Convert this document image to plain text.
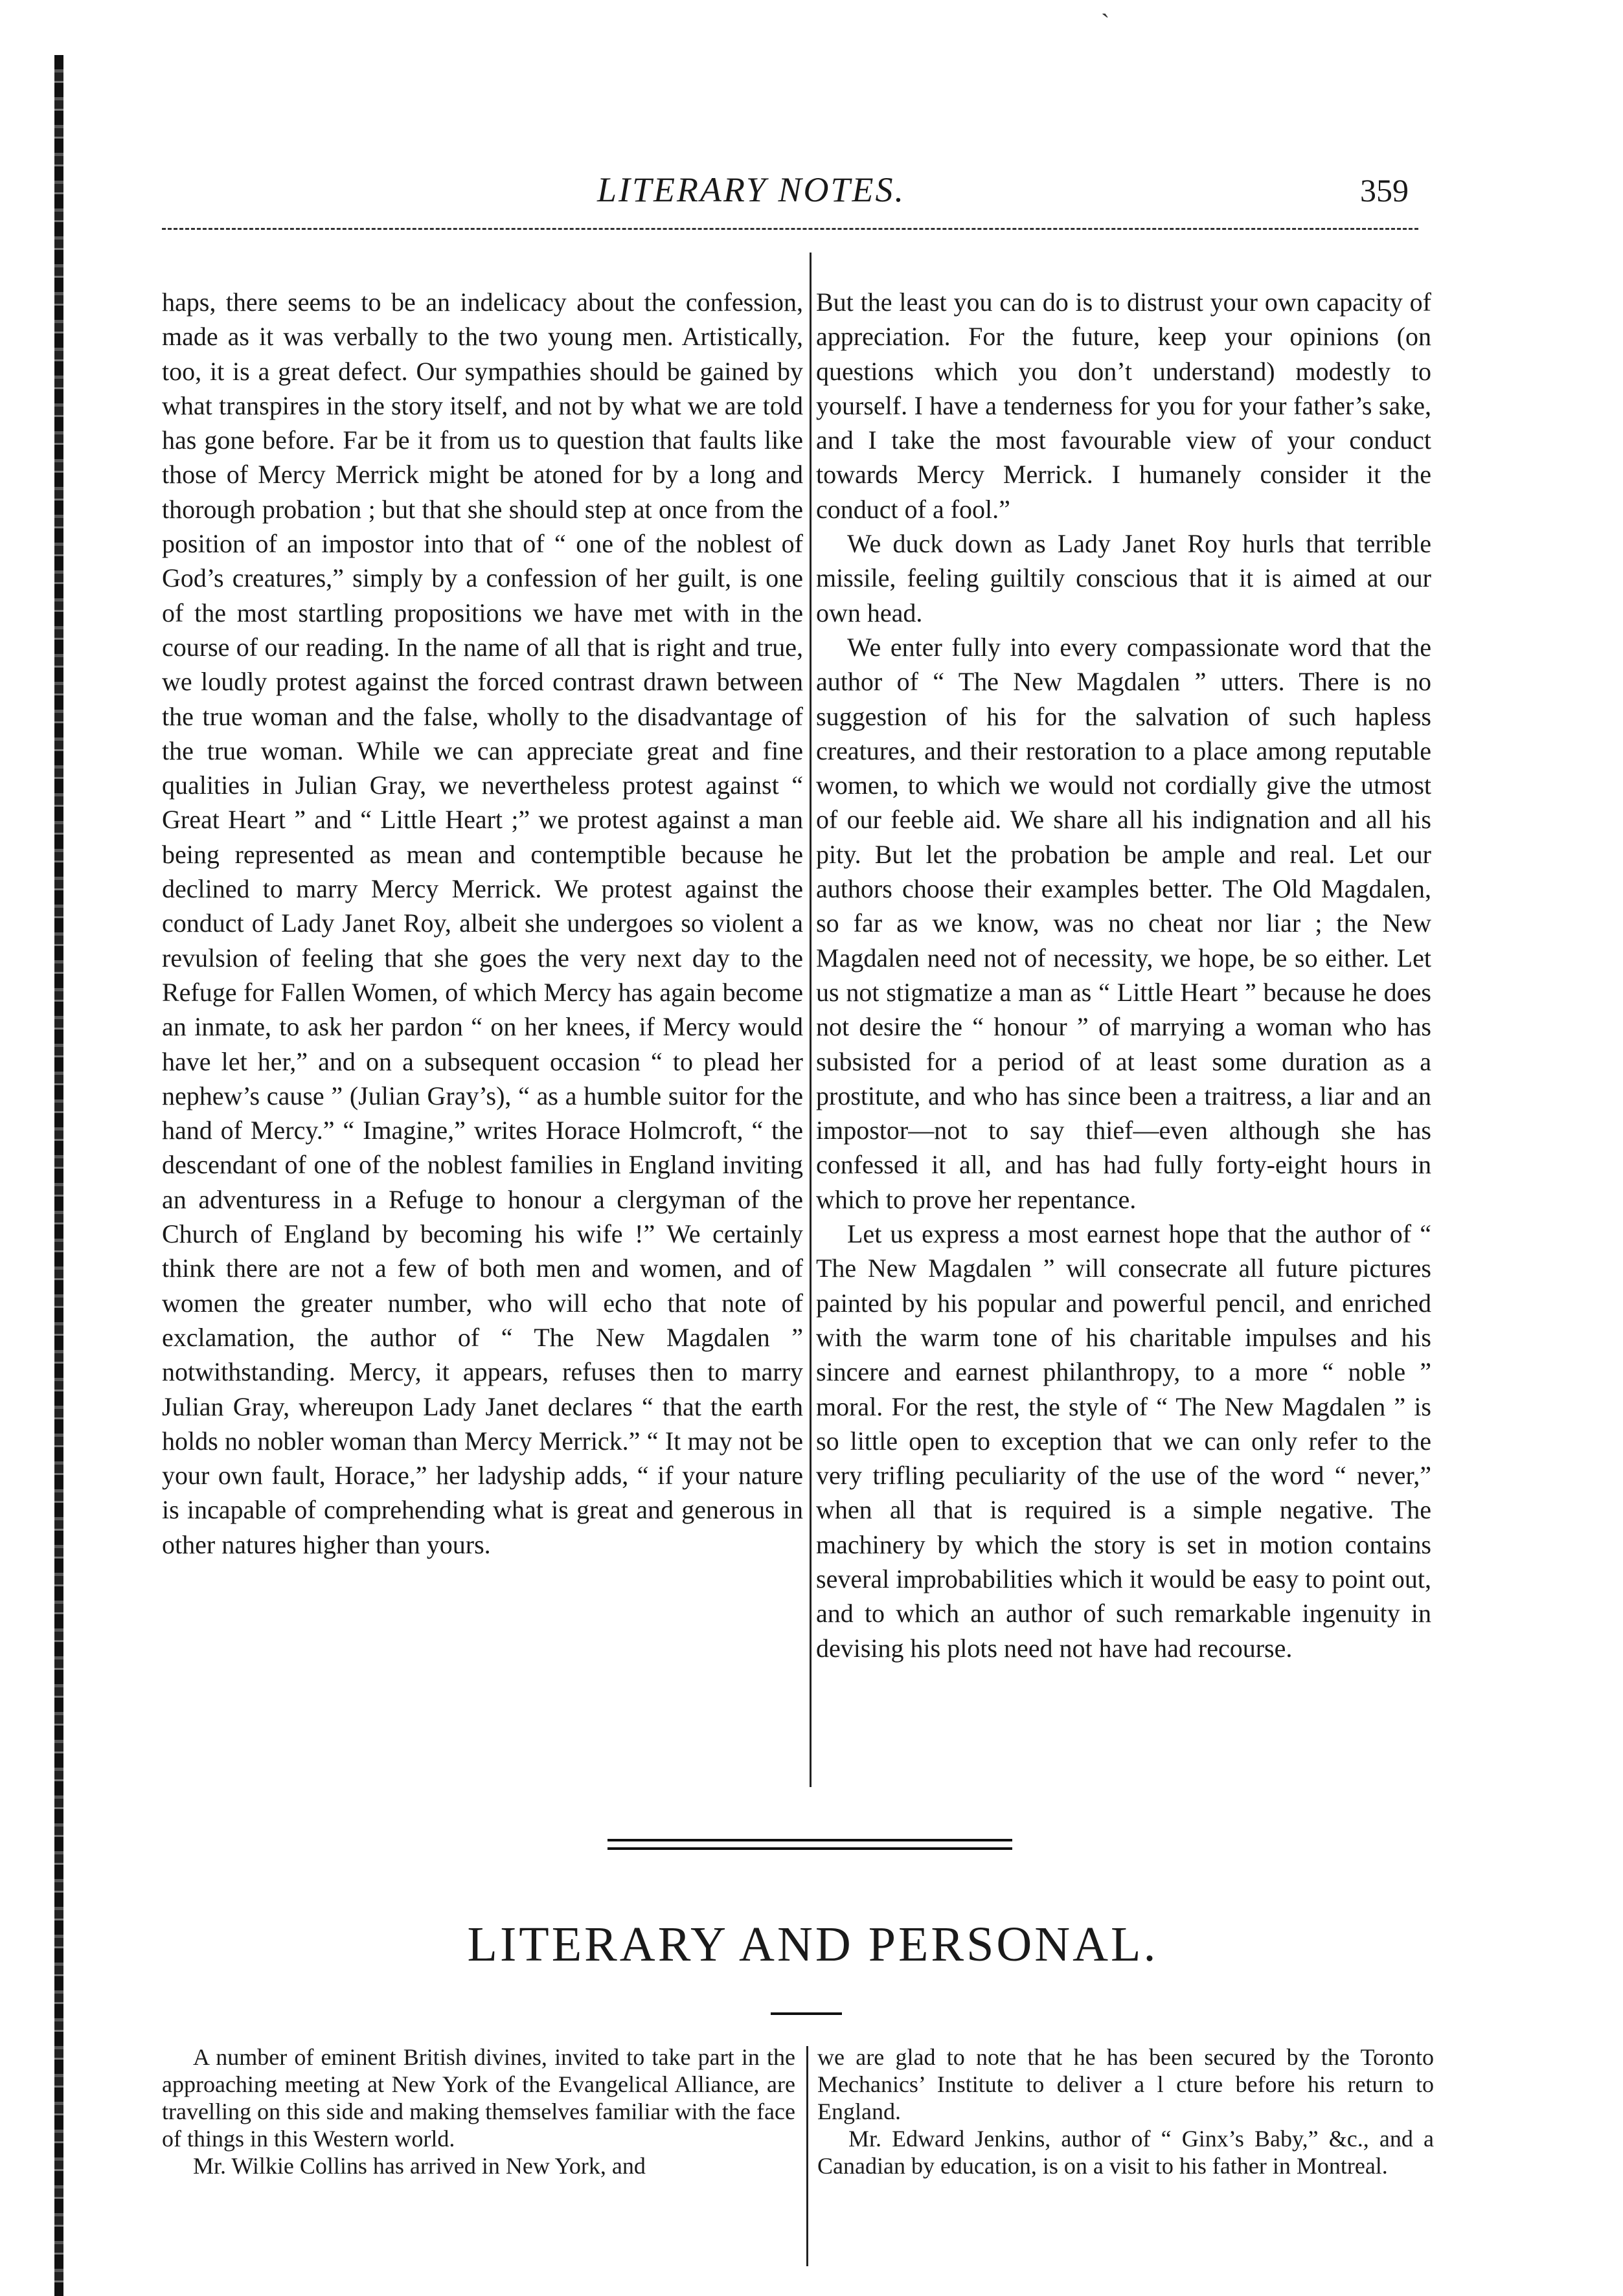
`
LITERARY NOTES.	359

haps, there seems to be an indelicacy about the confession, made as it was verbally to the two young men. Artistically, too, it is a great defect. Our sympathies should be gained by what transpires in the story itself, and not by what we are told has gone before. Far be it from us to question that faults like those of Mercy Merrick might be atoned for by a long and thorough probation ; but that she should step at once from the position of an impostor into that of “ one of the noblest of God’s creatures,” simply by a confession of her guilt, is one of the most startling propositions we have met with in the course of our reading. In the name of all that is right and true, we loudly protest against the forced contrast drawn between the true woman and the false, wholly to the disadvantage of the true woman. While we can appreciate great and fine qualities in Julian Gray, we nevertheless protest against “ Great Heart ” and “ Little Heart ;” we protest against a man being represented as mean and contemptible because he declined to marry Mercy Merrick. We protest against the conduct of Lady Janet Roy, albeit she undergoes so violent a revulsion of feeling that she goes the very next day to the Refuge for Fallen Women, of which Mercy has again become an inmate, to ask her pardon “ on her knees, if Mercy would have let her,” and on a subsequent occasion “ to plead her nephew’s cause ” (Julian Gray’s), “ as a humble suitor for the hand of Mercy.” “ Imagine,” writes Horace Holmcroft, “ the descendant of one of the noblest families in England inviting an adventuress in a Refuge to honour a clergyman of the Church of England by becoming his wife !” We certainly think there are not a few of both men and women, and of women the greater number, who will echo that note of exclamation, the author of “ The New Magdalen ” notwithstanding. Mercy, it appears, refuses then to marry Julian Gray, whereupon Lady Janet declares “ that the earth holds no nobler woman than Mercy Merrick.” “ It may not be your own fault, Horace,” her ladyship adds, “ if your nature is incapable of comprehending what is great and generous in other natures higher than yours.

But the least you can do is to distrust your own capacity of appreciation. For the future, keep your opinions (on questions which you don’t understand) modestly to yourself. I have a tenderness for you for your father’s sake, and I take the most favourable view of your conduct towards Mercy Merrick. I humanely consider it the conduct of a fool.”

We duck down as Lady Janet Roy hurls that terrible missile, feeling guiltily conscious that it is aimed at our own head.

We enter fully into every compassionate word that the author of “ The New Magdalen ” utters. There is no suggestion of his for the salvation of such hapless creatures, and their restoration to a place among reputable women, to which we would not cordially give the utmost of our feeble aid. We share all his indignation and all his pity. But let the probation be ample and real. Let our authors choose their examples better. The Old Magdalen, so far as we know, was no cheat nor liar ; the New Magdalen need not of necessity, we hope, be so either. Let us not stigmatize a man as “ Little Heart ” because he does not desire the “ honour ” of marrying a woman who has subsisted for a period of at least some duration as a prostitute, and who has since been a traitress, a liar and an impostor—not to say thief—even although she has confessed it all, and has had fully forty-eight hours in which to prove her repentance.

Let us express a most earnest hope that the author of “ The New Magdalen ” will consecrate all future pictures painted by his popular and powerful pencil, and enriched with the warm tone of his charitable impulses and his sincere and earnest philanthropy, to a more “ noble ” moral. For the rest, the style of “ The New Magdalen ” is so little open to exception that we can only refer to the very trifling peculiarity of the use of the word “ never,” when all that is required is a simple negative. The machinery by which the story is set in motion contains several improbabilities which it would be easy to point out, and to which an author of such remarkable ingenuity in devising his plots need not have had recourse.

LITERARY AND PERSONAL.

A number of eminent British divines, invited to take part in the approaching meeting at New York of the Evangelical Alliance, are travelling on this side and making themselves familiar with the face of things in this Western world.

Mr. Wilkie Collins has arrived in New York, and

we are glad to note that he has been secured by the Toronto Mechanics’ Institute to deliver a l cture before his return to England.

Mr. Edward Jenkins, author of “ Ginx’s Baby,” &c., and a Canadian by education, is on a visit to his father in Montreal.
